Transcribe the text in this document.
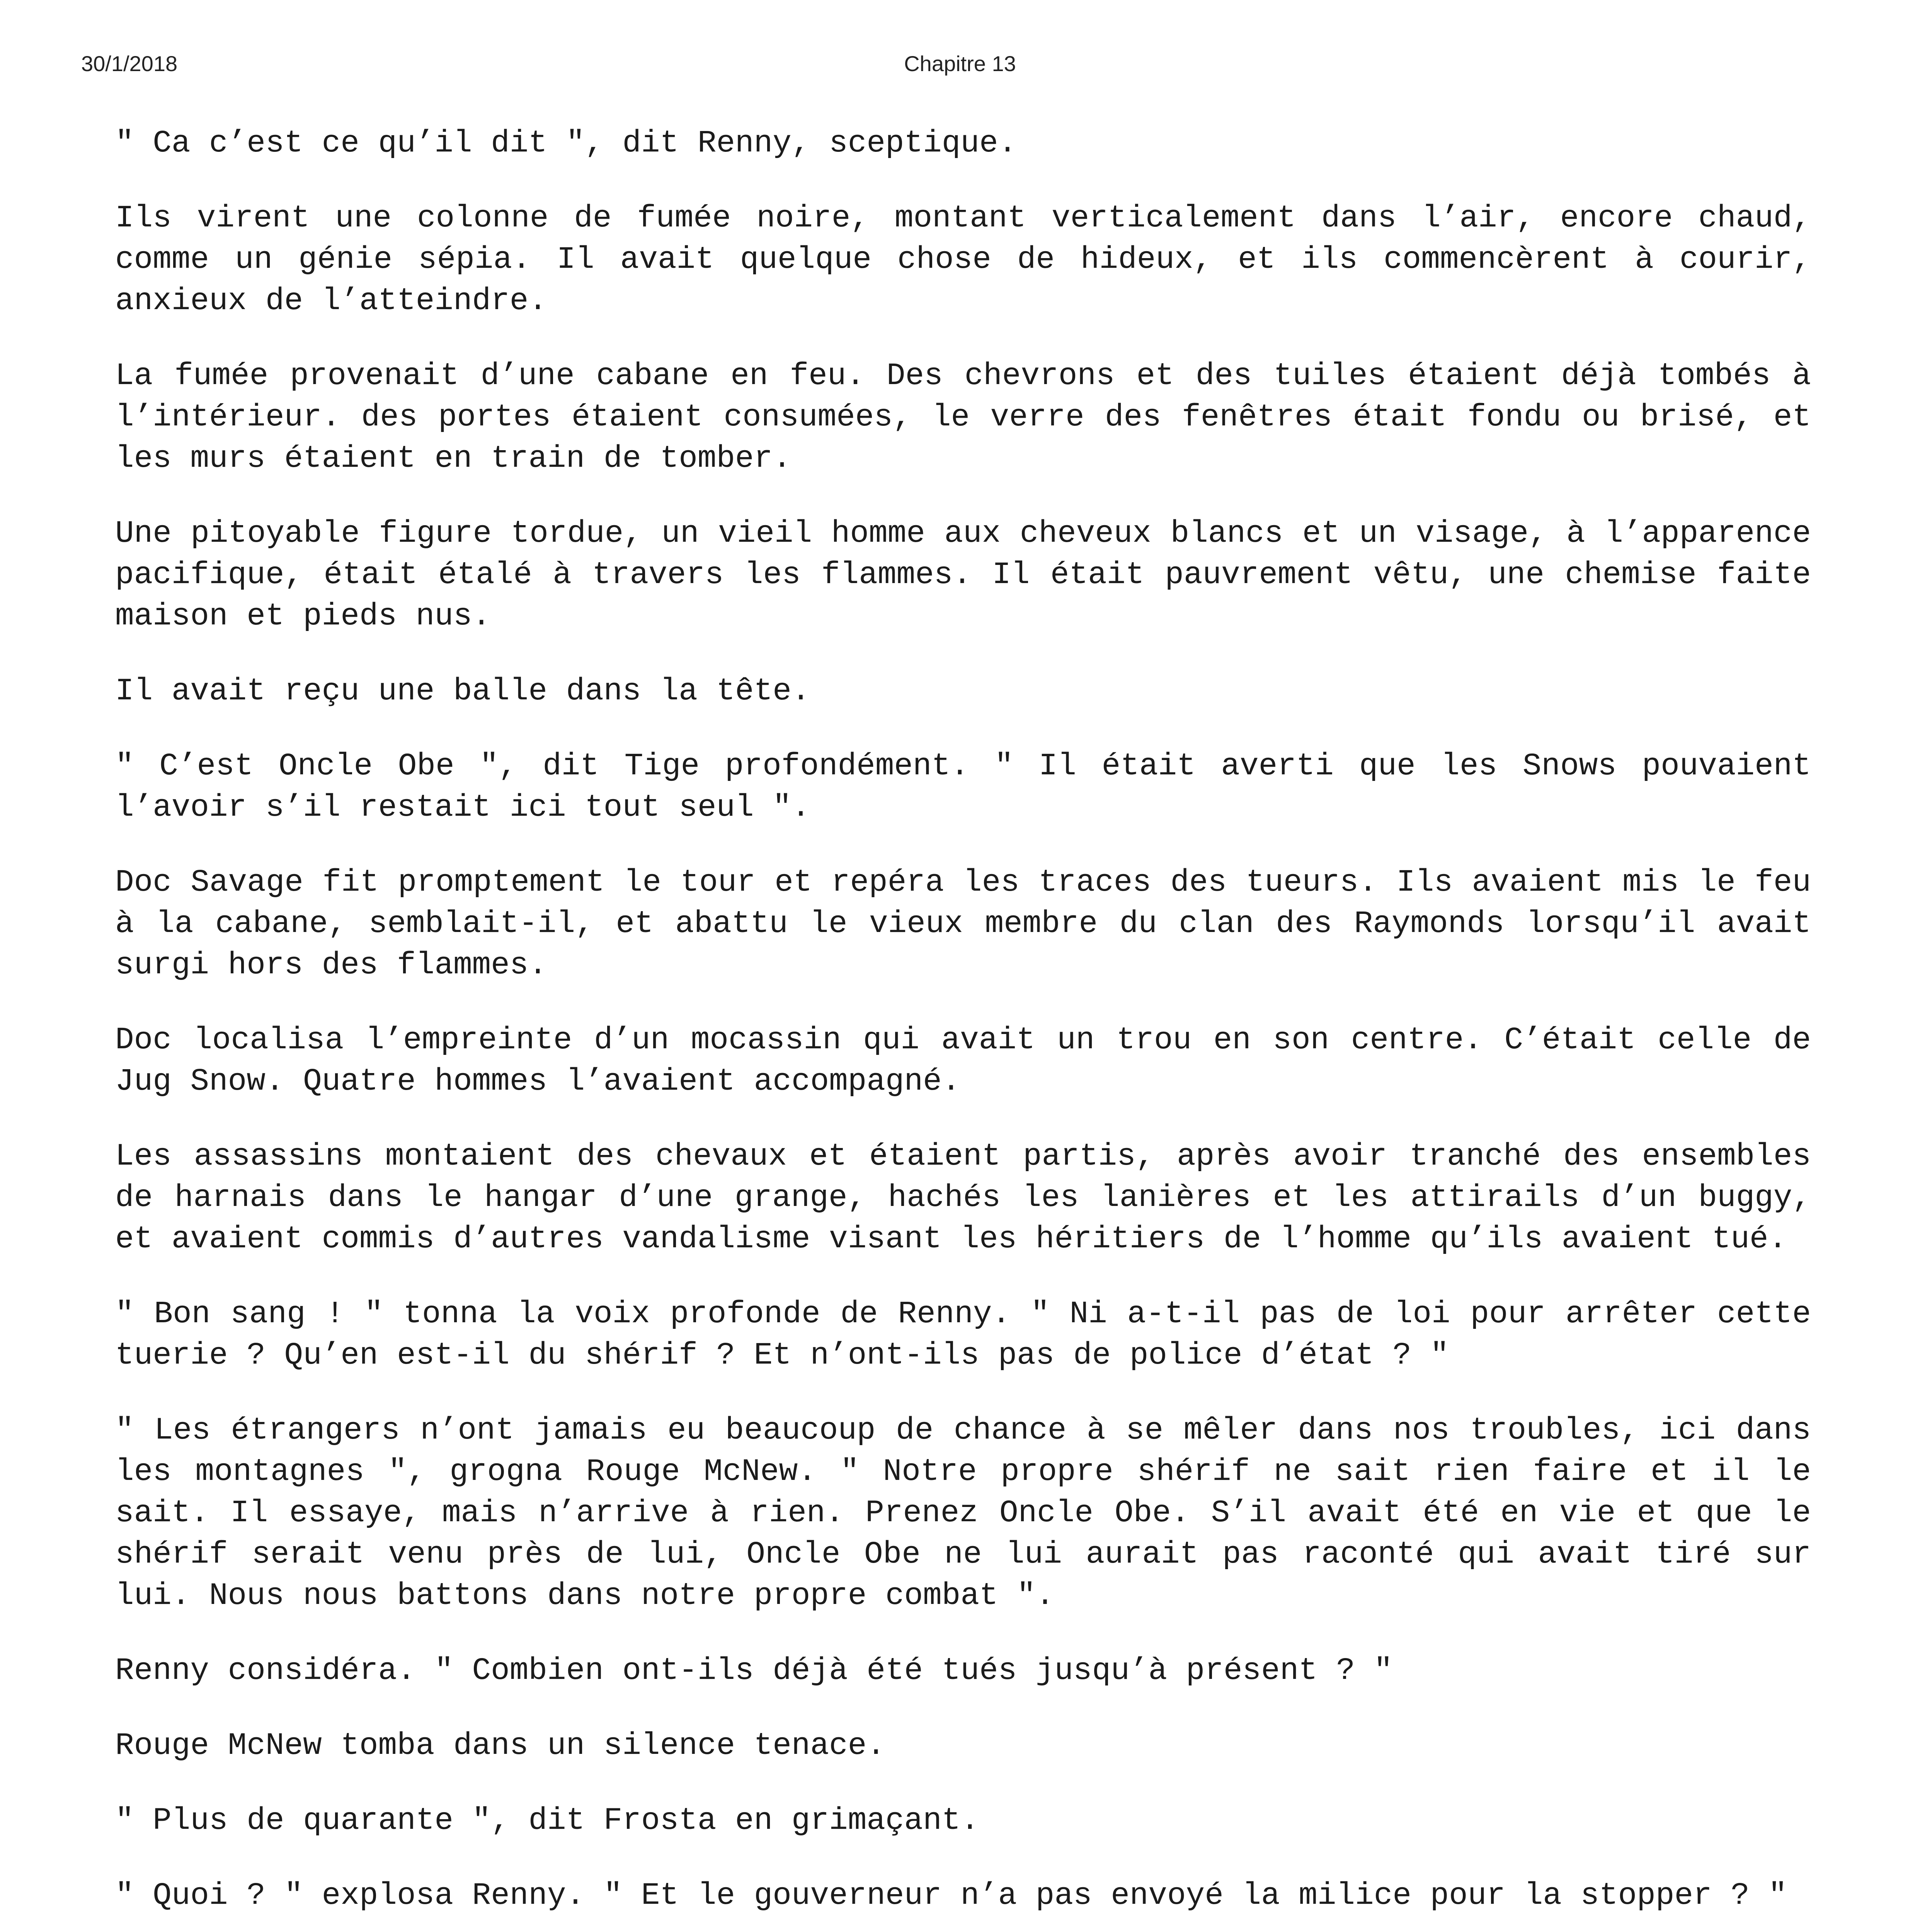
30/1/2018	Chapitre 13

" Ca c’est ce qu’il dit ", dit Renny, sceptique.

Ils virent une colonne de fumée noire, montant verticalement dans l’air, encore chaud, comme un génie sépia. Il avait quelque chose de hideux, et ils commencèrent à courir, anxieux de l’atteindre.

La fumée provenait d’une cabane en feu. Des chevrons et des tuiles étaient déjà tombés à l’intérieur. des portes étaient consumées, le verre des fenêtres était fondu ou brisé, et les murs étaient en train de tomber.

Une pitoyable figure tordue, un vieil homme aux cheveux blancs et un visage, à l’apparence pacifique, était étalé à travers les flammes. Il était pauvrement vêtu, une chemise faite maison et pieds nus.

Il avait reçu une balle dans la tête.

" C’est Oncle Obe ", dit Tige profondément. " Il était averti que les Snows pouvaient l’avoir s’il restait ici tout seul ".

Doc Savage fit promptement le tour et repéra les traces des tueurs. Ils avaient mis le feu à la cabane, semblait-il, et abattu le vieux membre du clan des Raymonds lorsqu’il avait surgi hors des flammes.

Doc localisa l’empreinte d’un mocassin qui avait un trou en son centre. C’était celle de Jug Snow. Quatre hommes l’avaient accompagné.

Les assassins montaient des chevaux et étaient partis, après avoir tranché des ensembles de harnais dans le hangar d’une grange, hachés les lanières et les attirails d’un buggy, et avaient commis d’autres vandalisme visant les héritiers de l’homme qu’ils avaient tué.

" Bon sang ! " tonna la voix profonde de Renny. " Ni a-t-il pas de loi pour arrêter cette tuerie ? Qu’en est-il du shérif ? Et n’ont-ils pas de police d’état ? "

" Les étrangers n’ont jamais eu beaucoup de chance à se mêler dans nos troubles, ici dans les montagnes ", grogna Rouge McNew. " Notre propre shérif ne sait rien faire et il le sait. Il essaye, mais n’arrive à rien. Prenez Oncle Obe. S’il avait été en vie et que le shérif serait venu près de lui, Oncle Obe ne lui aurait pas raconté qui avait tiré sur lui. Nous nous battons dans notre propre combat ".

Renny considéra. " Combien ont-ils déjà été tués jusqu’à présent ? "

Rouge McNew tomba dans un silence tenace.

" Plus de quarante ", dit Frosta en grimaçant.

" Quoi ? " explosa Renny. " Et le gouverneur n’a pas envoyé la milice pour la stopper ? "
